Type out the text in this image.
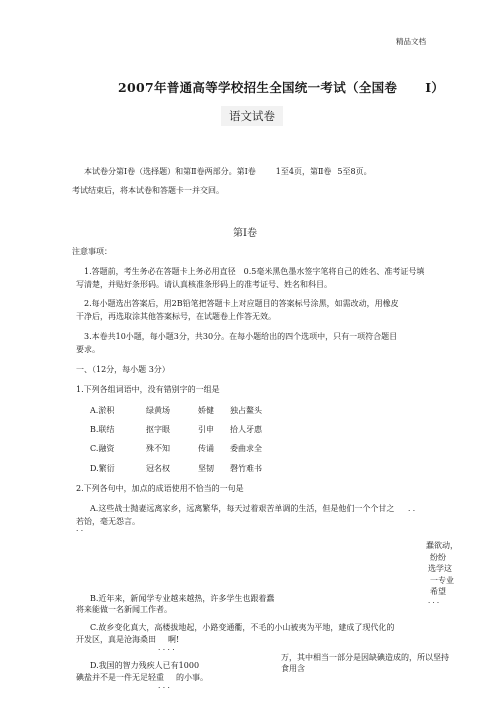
精品文档
2007年普通高等学校招生全国统一考试（全国卷 I）
语文试卷
本试卷分第Ⅰ卷（选择题）和第Ⅱ卷两部分。第Ⅰ卷	1至4页，第Ⅱ卷 5至8页。
考试结束后，将本试卷和答题卡一并交回。
第Ⅰ卷
注意事项：
1.答题前，考生务必在答题卡上务必用直径 0.5毫米黑色墨水签字笔将自己的姓名、准考证号填
写清楚，并贴好条形码。请认真核准条形码上的准考证号、姓名和科目。
2.每小题选出答案后，用2B铅笔把答题卡上对应题目的答案标号涂黑，如需改动，用橡皮
干净后，再选取涂其他答案标号，在试题卷上作答无效。
3.本卷共10小题，每小题3分，共30分。在每小题给出的四个选项中，只有一项符合题目
要求。
一、（12分，每小题 3分）
1.下列各组词语中，没有错别字的一组是
A.淤积	绿黄场	娇健 独占鳌头
B.联结	抠字眼	引申 拾人牙惠
C.融资	殊不知	传诵 委曲求全
D.繁衍	冠名权	坚韧 磬竹难书
2.下列各句中，加点的成语使用不恰当的一句是
A.这些战士抛妻远离家乡，远离繁华，每天过着艰苦单调的生活，但是他们一个个甘之 · ·
若饴，毫无怨言。
· ·
蠢欲动，
纷纷
选学这
一专业
希望
· · ·
B.近年来，新闻学专业越来越热，许多学生也跟着蠢
将来能做一名新闻工作者。
C.故乡变化真大，高楼拔地起，小路变通衢，不毛的小山被夷为平地，建成了现代化的
开发区，真是沧海桑田 啊!
· · · ·
D.我国的智力残疾人已有1000
万，其中相当一部分是因缺碘造成的，所以坚持
食用含
碘盐并不是一件无足轻重 的小事。
· · ·
